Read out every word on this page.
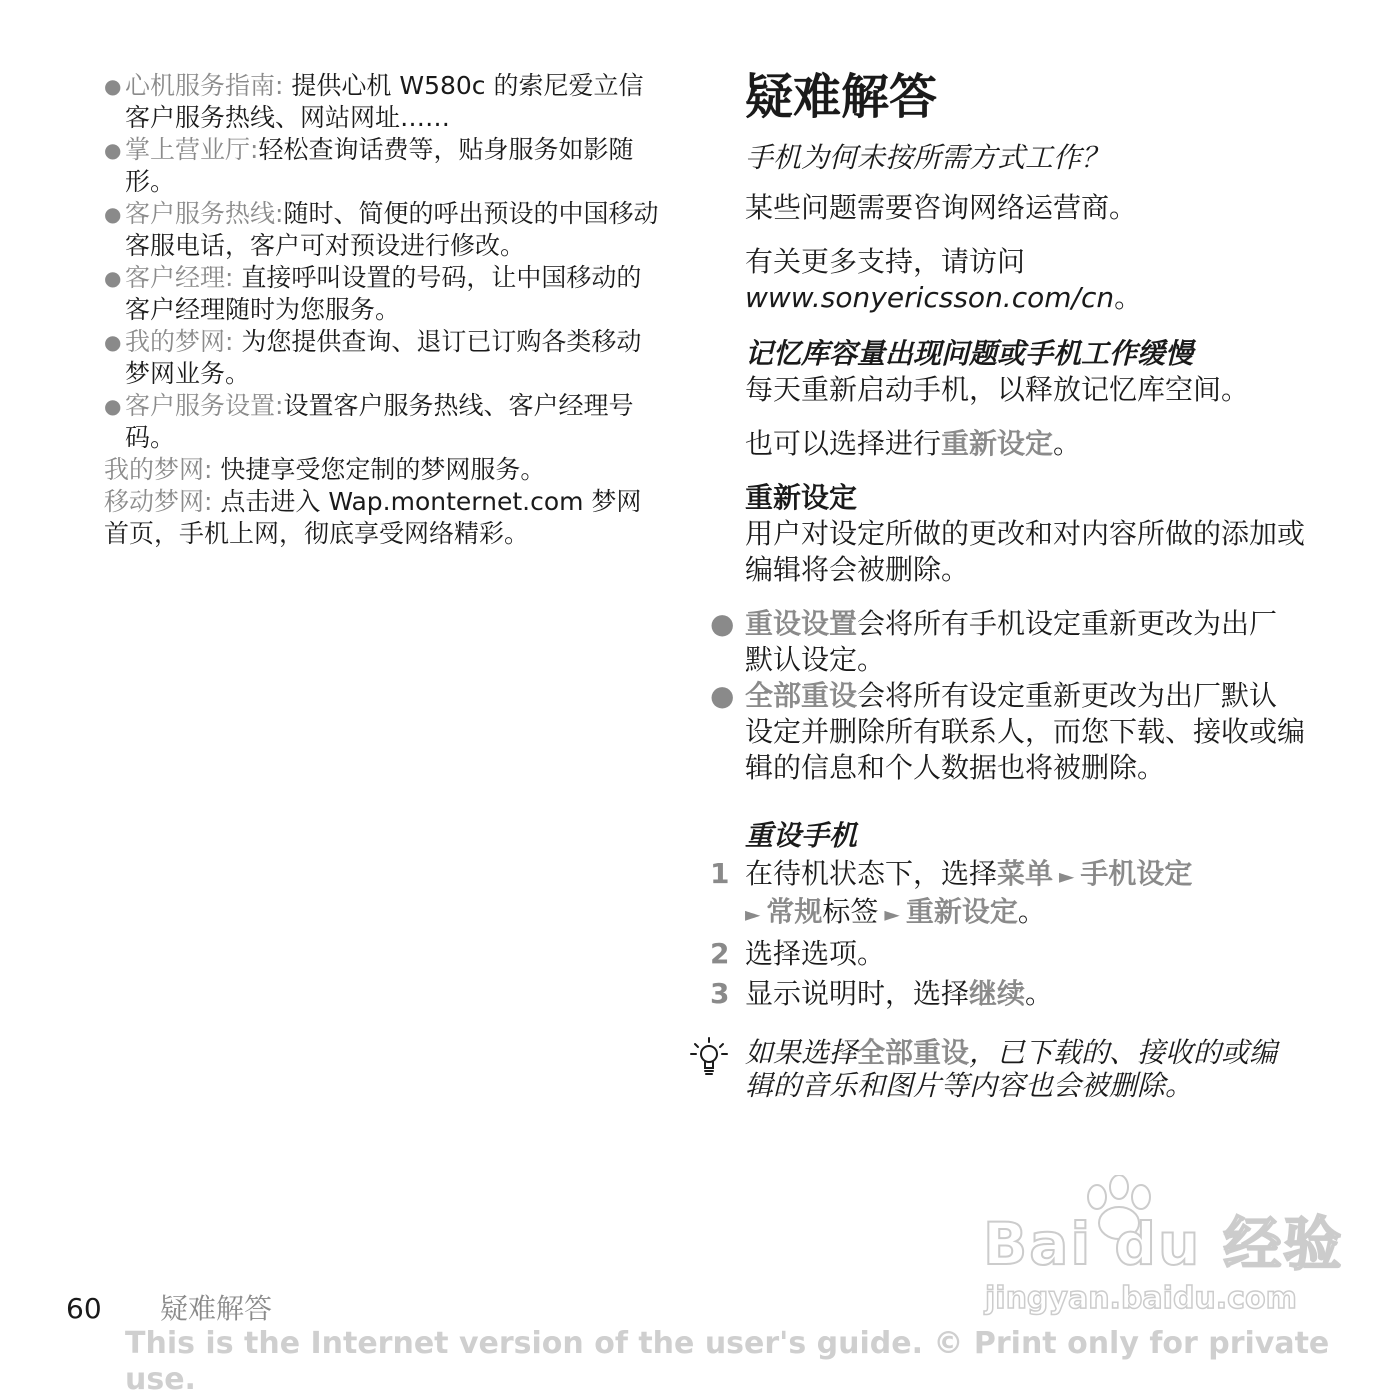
● 心机服务指南: 提供心机 W580c 的索尼爱立信客户服务热线、网站网址……

● 掌上营业厅:轻松查询话费等，贴身服务如影随形。

● 客户服务热线:随时、简便的呼出预设的中国移动客服电话，客户可对预设进行修改。

● 客户经理: 直接呼叫设置的号码，让中国移动的客户经理随时为您服务。

● 我的梦网: 为您提供查询、退订已订购各类移动梦网业务。

● 客户服务设置:设置客户服务热线、客户经理号码。

我的梦网: 快捷享受您定制的梦网服务。

移动梦网: 点击进入 Wap.monternet.com 梦网首页，手机上网，彻底享受网络精彩。

疑难解答

手机为何未按所需方式工作？

某些问题需要咨询网络运营商。

有关更多支持，请访问
www.sonyericsson.com/cn。

记忆库容量出现问题或手机工作缓慢

每天重新启动手机，以释放记忆库空间。

也可以选择进行重新设定。

重新设定

用户对设定所做的更改和对内容所做的添加或编辑将会被删除。

● 重设设置会将所有手机设定重新更改为出厂默认设定。

● 全部重设会将所有设定重新更改为出厂默认设定并删除所有联系人，而您下载、接收或编辑的信息和个人数据也将被删除。

重设手机

1 在待机状态下，选择菜单 ► 手机设定
► 常规标签 ► 重新设定。

2 选择选项。

3 显示说明时，选择继续。

如果选择全部重设，已下载的、接收的或编辑的音乐和图片等内容也会被删除。
Bai du 经验
jingyan.baidu.com
60 疑难解答
This is the Internet version of the user's guide. © Print only for private use.
